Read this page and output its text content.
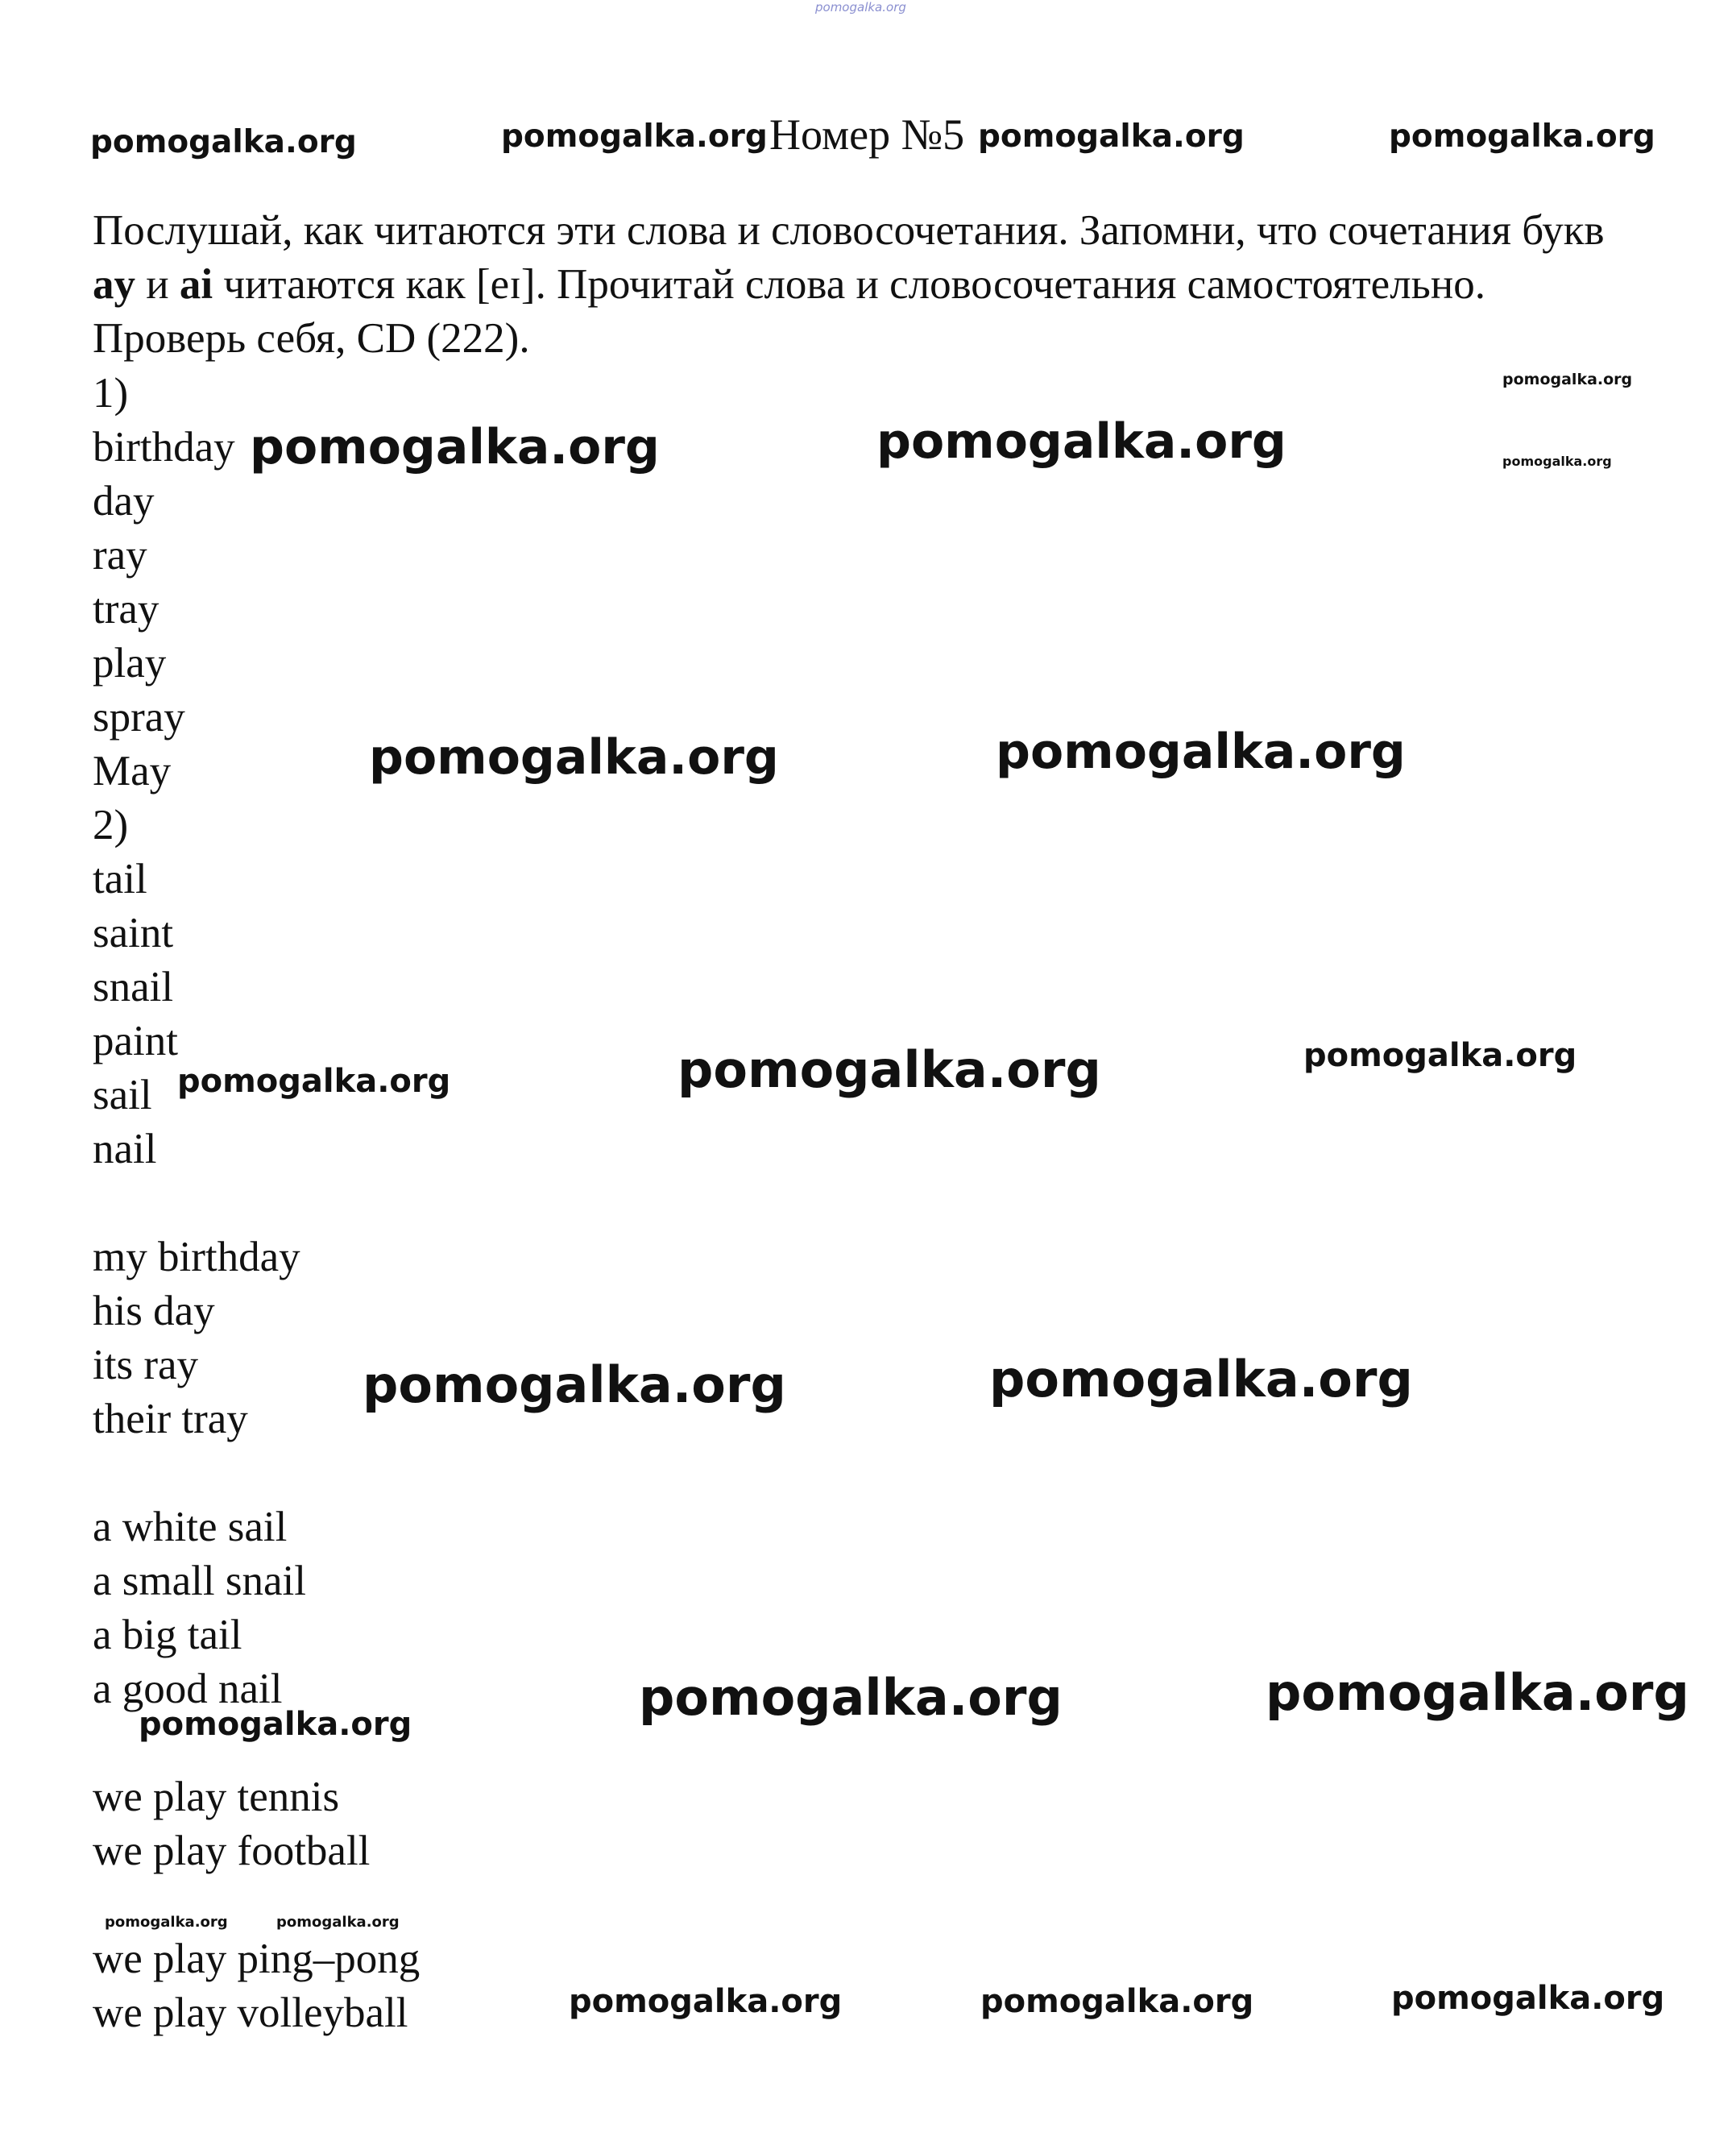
pomogalka.org
Номер №5
Послушай, как читаются эти слова и словосочетания. Запомни, что сочетания букв ay и ai читаются как [eɪ]. Прочитай слова и словосочетания самостоятельно. Проверь себя, CD (222).
1)
birthday
day
ray
tray
play
spray
May
2)
tail
saint
snail
paint
sail
nail
my birthday
his day
its ray
their tray
a white sail
a small snail
a big tail
a good nail
we play tennis
we play football
we play ping–pong
we play volleyball
pomogalka.org	pomogalka.org	pomogalka.org	pomogalka.org
pomogalka.org
pomogalka.org
pomogalka.org	pomogalka.org
pomogalka.org	pomogalka.org
pomogalka.org	pomogalka.org	pomogalka.org
pomogalka.org	pomogalka.org
pomogalka.org	pomogalka.org	pomogalka.org
pomogalka.org	pomogalka.org
pomogalka.org	pomogalka.org	pomogalka.org
